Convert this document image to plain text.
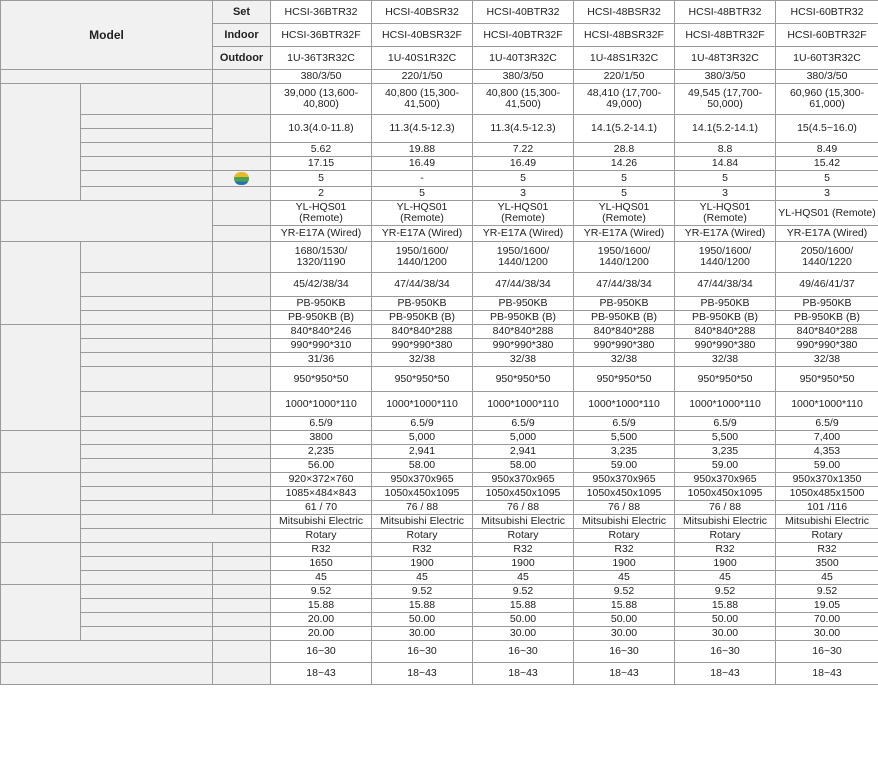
Model		Set	HCSI-36BTR32	HCSI-40BSR32	HCSI-40BTR32	HCSI-48BSR32	HCSI-48BTR32	HCSI-60BTR32
		Indoor	HCSI-36BTR32F	HCSI-40BSR32F	HCSI-40BTR32F	HCSI-48BSR32F	HCSI-48BTR32F	HCSI-60BTR32F
		Outdoor	1U-36T3R32C	1U-40S1R32C	1U-40T3R32C	1U-48S1R32C	1U-48T3R32C	1U-60T3R32C
			380/3/50	220/1/50	380/3/50	220/1/50	380/3/50	380/3/50
			39,000 (13,600-40,800)	40,800 (15,300-41,500)	40,800 (15,300-41,500)	48,410 (17,700-49,000)	49,545 (17,700-50,000)	60,960 (15,300-61,000)
			10.3(4.0-11.8)	11.3(4.5-12.3)	11.3(4.5-12.3)	14.1(5.2-14.1)	14.1(5.2-14.1)	15(4.5~16.0)

			5.62	19.88	7.22	28.8	8.8	8.49
			17.15	16.49	16.49	14.26	14.84	15.42
			5	-	5	5	5	5
			2	5	3	5	3	3
			YL-HQS01 (Remote)	YL-HQS01 (Remote)	YL-HQS01 (Remote)	YL-HQS01 (Remote)	YL-HQS01 (Remote)	YL-HQS01 (Remote)
			YR-E17A (Wired)	YR-E17A (Wired)	YR-E17A (Wired)	YR-E17A (Wired)	YR-E17A (Wired)	YR-E17A (Wired)
			1680/1530/ 1320/1190	1950/1600/ 1440/1200	1950/1600/ 1440/1200	1950/1600/ 1440/1200	1950/1600/ 1440/1200	2050/1600/ 1440/1220
			45/42/38/34	47/44/38/34	47/44/38/34	47/44/38/34	47/44/38/34	49/46/41/37
			PB-950KB	PB-950KB	PB-950KB	PB-950KB	PB-950KB	PB-950KB
			PB-950KB (B)	PB-950KB (B)	PB-950KB (B)	PB-950KB (B)	PB-950KB (B)	PB-950KB (B)
			840*840*246	840*840*288	840*840*288	840*840*288	840*840*288	840*840*288
			990*990*310	990*990*380	990*990*380	990*990*380	990*990*380	990*990*380
			31/36	32/38	32/38	32/38	32/38	32/38
			950*950*50	950*950*50	950*950*50	950*950*50	950*950*50	950*950*50
			1000*1000*110	1000*1000*110	1000*1000*110	1000*1000*110	1000*1000*110	1000*1000*110
			6.5/9	6.5/9	6.5/9	6.5/9	6.5/9	6.5/9
			3800	5,000	5,000	5,500	5,500	7,400
			2,235	2,941	2,941	3,235	3,235	4,353
			56.00	58.00	58.00	59.00	59.00	59.00
			920×372×760	950x370x965	950x370x965	950x370x965	950x370x965	950x370x1350
			1085×484×843	1050x450x1095	1050x450x1095	1050x450x1095	1050x450x1095	1050x485x1500
			61 / 70	76 / 88	76 / 88	76 / 88	76 / 88	101 /116
			Mitsubishi Electric	Mitsubishi Electric	Mitsubishi Electric	Mitsubishi Electric	Mitsubishi Electric	Mitsubishi Electric
			Rotary	Rotary	Rotary	Rotary	Rotary	Rotary
			R32	R32	R32	R32	R32	R32
			1650	1900	1900	1900	1900	3500
			45	45	45	45	45	45
			9.52	9.52	9.52	9.52	9.52	9.52
			15.88	15.88	15.88	15.88	15.88	19.05
			20.00	50.00	50.00	50.00	50.00	70.00
			20.00	30.00	30.00	30.00	30.00	30.00
			16~30	16~30	16~30	16~30	16~30	16~30
			18~43	18~43	18~43	18~43	18~43	18~43
